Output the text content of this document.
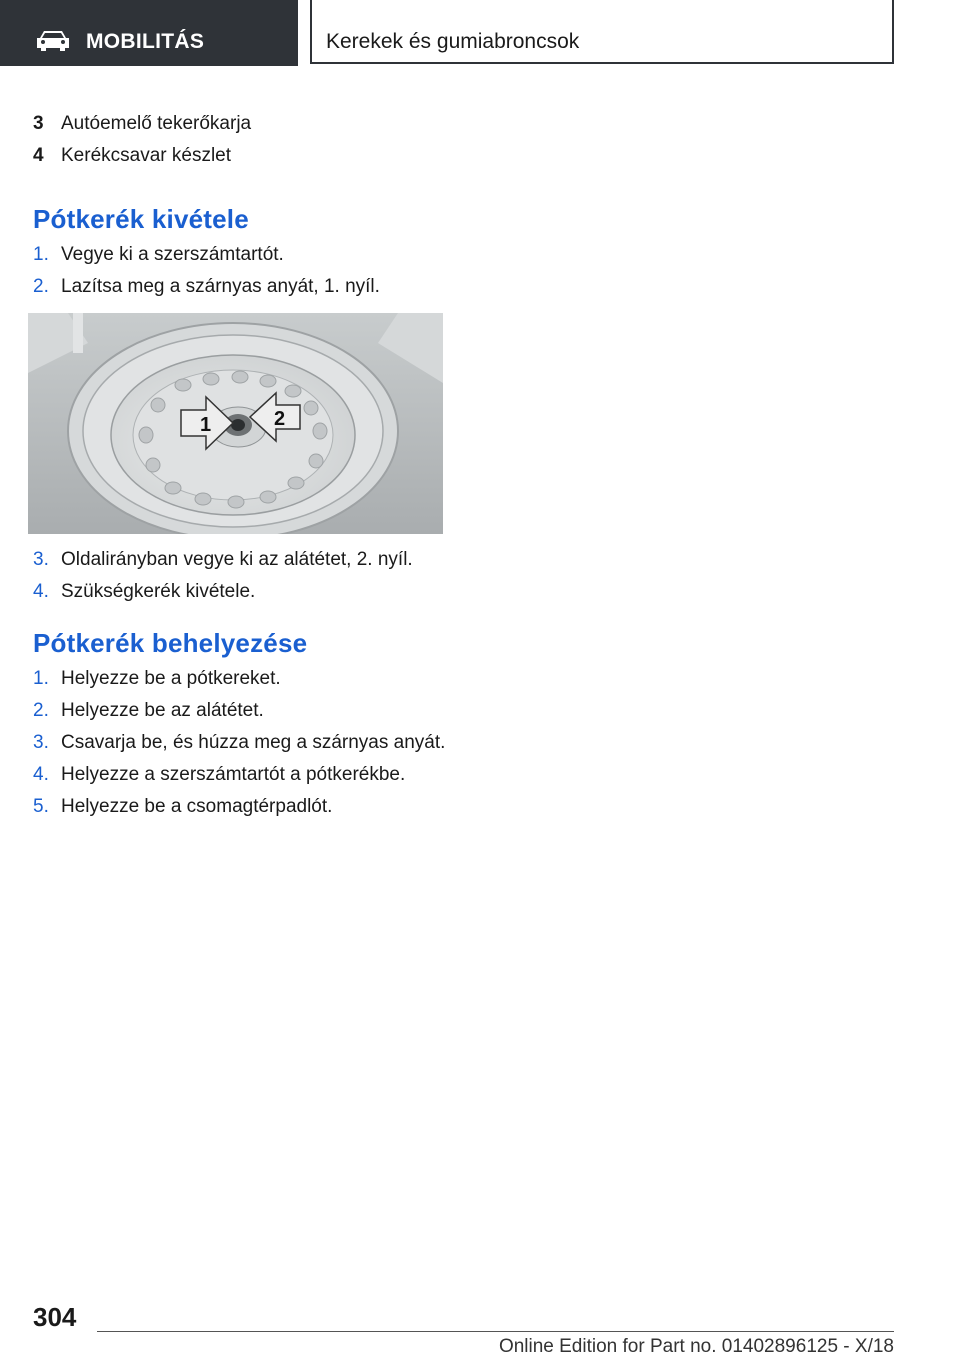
MOBILITÁS	Kerekek és gumiabroncsok
3 Autóemelő tekerőkarja
4 Kerékcsavar készlet
Pótkerék kivétele
1. Vegye ki a szerszámtartót.
2. Lazítsa meg a szárnyas anyát, 1. nyíl.
1	2
3. Oldalirányban vegye ki az alátétet, 2. nyíl.
4. Szükségkerék kivétele.
Pótkerék behelyezése
1. Helyezze be a pótkereket.
2. Helyezze be az alátétet.
3. Csavarja be, és húzza meg a szárnyas anyát.
4. Helyezze a szerszámtartót a pótkerékbe.
5. Helyezze be a csomagtérpadlót.
304
Online Edition for Part no. 01402896125 - X/18
